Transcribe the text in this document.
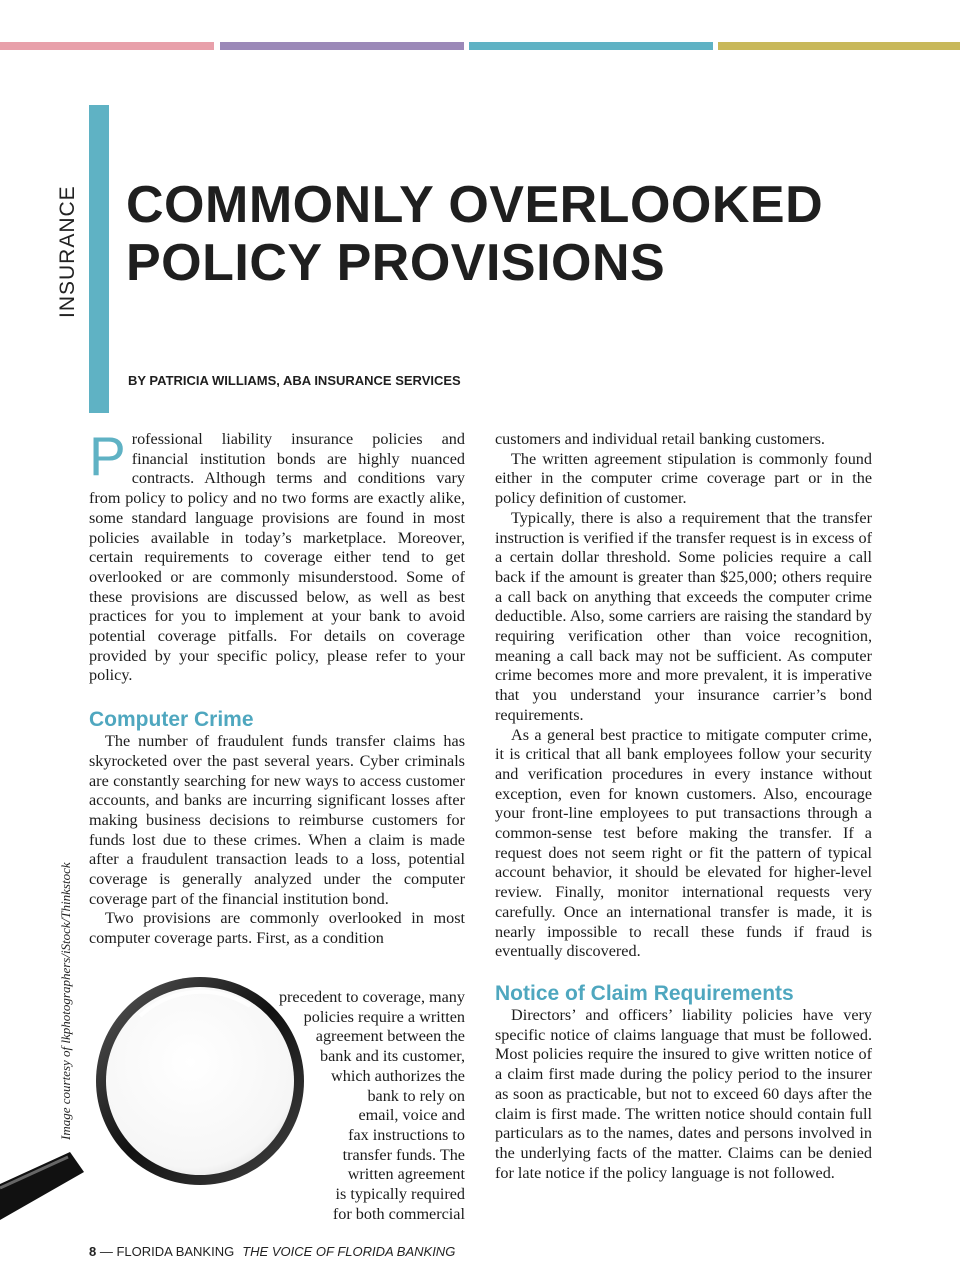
INSURANCE COMMONLY OVERLOOKED
POLICY PROVISIONS
BY PATRICIA WILLIAMS, ABA INSURANCE SERVICES
Image courtesy of lkphotographers/iStock/Thinkstock

Professional liability insurance policies and financial institution bonds are highly nuanced contracts. Although terms and conditions vary from policy to policy and no two forms are exactly alike, some standard language provisions are found in most policies available in today’s marketplace. Moreover, certain requirements to coverage either tend to get overlooked or are commonly misunderstood. Some of these provisions are discussed below, as well as best practices for you to implement at your bank to avoid potential coverage pitfalls. For details on coverage provided by your specific policy, please refer to your policy.

Computer Crime

The number of fraudulent funds transfer claims has skyrocketed over the past several years. Cyber criminals are constantly searching for new ways to access customer accounts, and banks are incurring significant losses after making business decisions to reimburse customers for funds lost due to these crimes. When a claim is made after a fraudulent transaction leads to a loss, potential coverage is generally analyzed under the computer coverage part of the financial institution bond.

Two provisions are commonly overlooked in most computer coverage parts. First, as a condition

precedent to coverage, many
policies require a written
agreement between the
bank and its customer,
which authorizes the
bank to rely on
email, voice and
fax instructions to
transfer funds. The
written agreement
is typically required
for both commercial

customers and individual retail banking customers.

The written agreement stipulation is commonly found either in the computer crime coverage part or in the policy definition of customer.

Typically, there is also a requirement that the transfer instruction is verified if the transfer request is in excess of a certain dollar threshold. Some policies require a call back if the amount is greater than $25,000; others require a call back on anything that exceeds the computer crime deductible. Also, some carriers are raising the standard by requiring verification other than voice recognition, meaning a call back may not be sufficient. As computer crime becomes more and more prevalent, it is imperative that you understand your insurance carrier’s bond requirements.

As a general best practice to mitigate computer crime, it is critical that all bank employees follow your security and verification procedures in every instance without exception, even for known customers. Also, encourage your front-line employees to put transactions through a common-sense test before making the transfer. If a request does not seem right or fit the pattern of typical account behavior, it should be elevated for higher-level review. Finally, monitor international requests very carefully. Once an international transfer is made, it is nearly impossible to recall these funds if fraud is eventually discovered.

Notice of Claim Requirements

Directors’ and officers’ liability policies have very specific notice of claims language that must be followed. Most policies require the insured to give written notice of a claim first made during the policy period to the insurer as soon as practicable, but not to exceed 60 days after the claim is first made. The written notice should contain full particulars as to the names, dates and persons involved in the underlying facts of the matter. Claims can be denied for late notice if the policy language is not followed.

8 — FLORIDA BANKING THE VOICE OF FLORIDA BANKING
